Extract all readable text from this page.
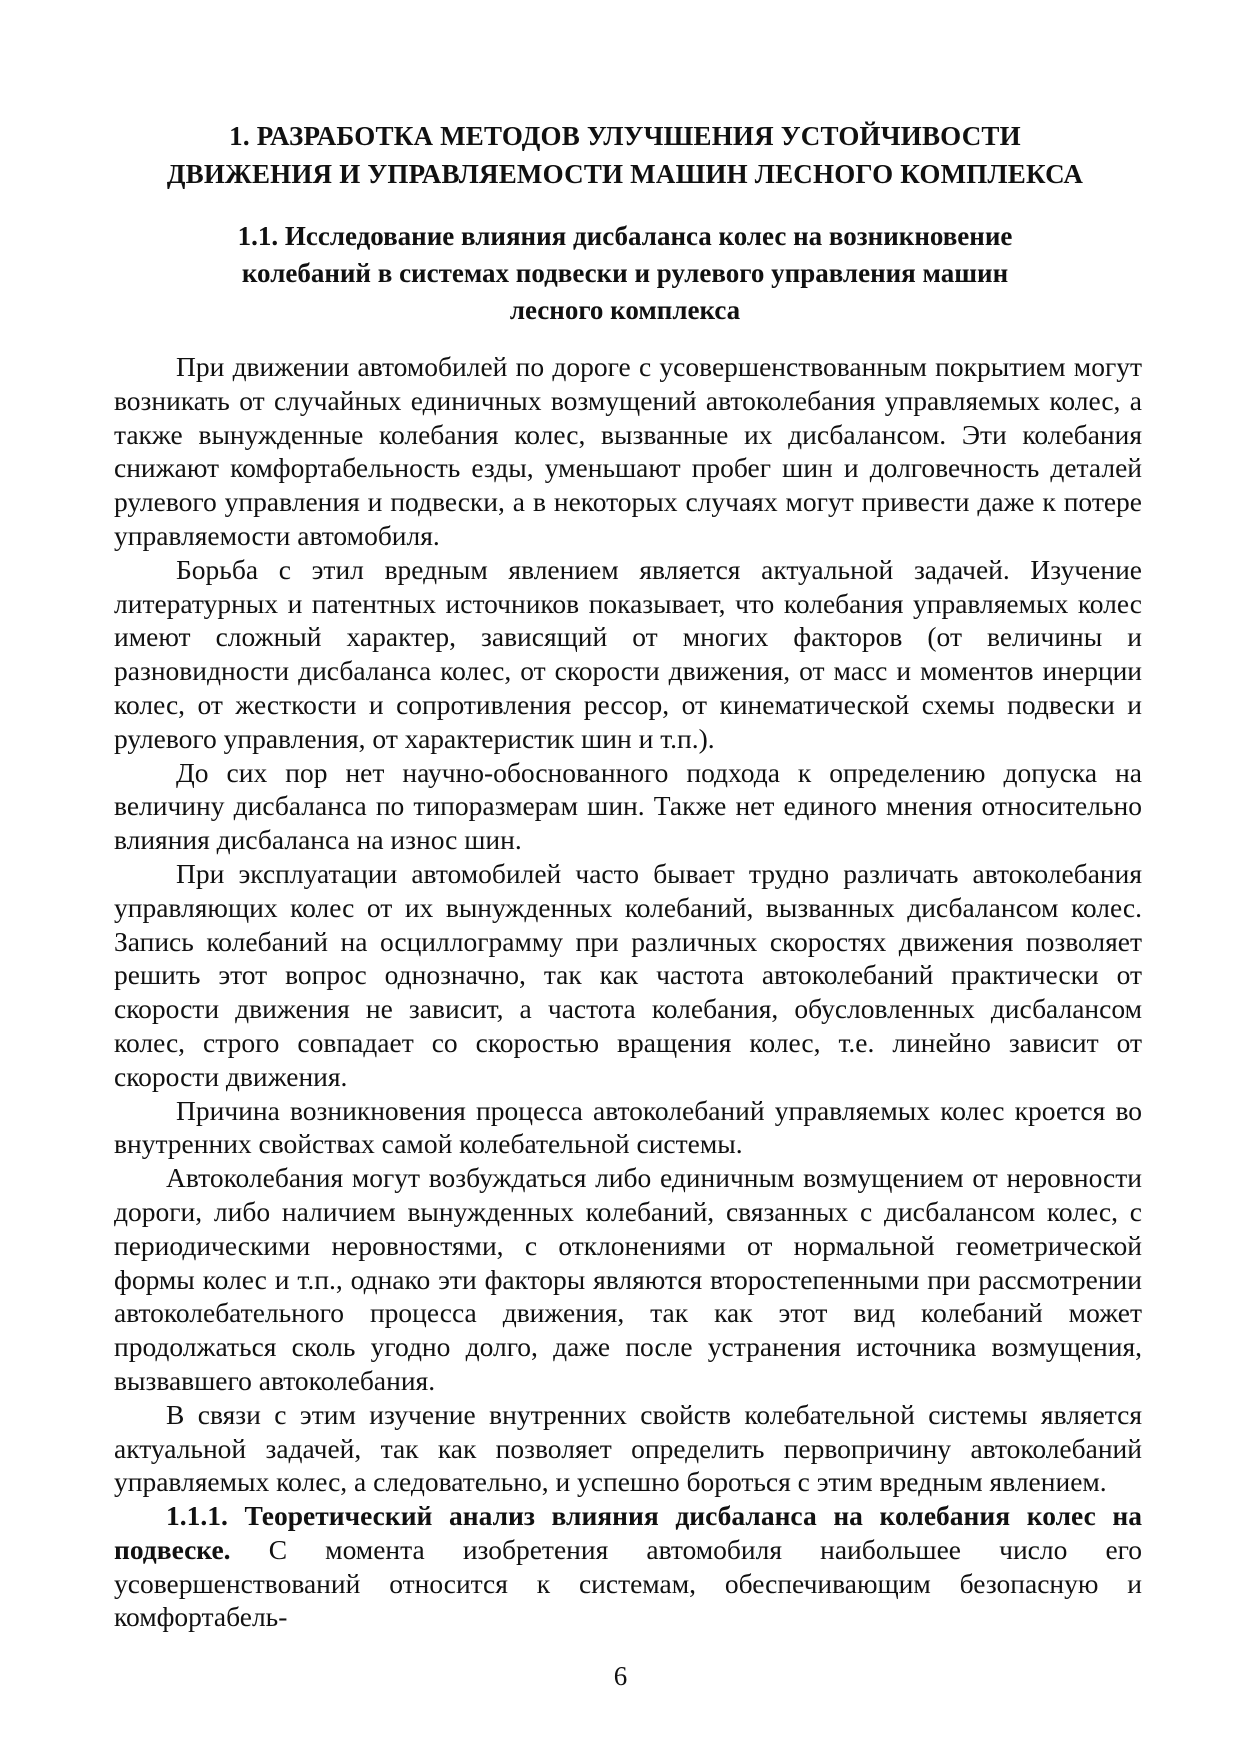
1. РАЗРАБОТКА МЕТОДОВ УЛУЧШЕНИЯ УСТОЙЧИВОСТИ
ДВИЖЕНИЯ И УПРАВЛЯЕМОСТИ МАШИН ЛЕСНОГО КОМПЛЕКСА
1.1. Исследование влияния дисбаланса колес на возникновение
колебаний в системах подвески и рулевого управления машин
лесного комплекса

При движении автомобилей по дороге с усовершенствованным покрытием могут возникать от случайных единичных возмущений автоколебания управляемых колес, а также вынужденные колебания колес, вызванные их дисбалансом. Эти колебания снижают комфортабельность езды, уменьшают пробег шин и долговечность деталей рулевого управления и подвески, а в некоторых случаях могут привести даже к потере управляемости автомобиля.

Борьба с этил вредным явлением является актуальной задачей. Изучение литературных и патентных источников показывает, что колебания управляемых колес имеют сложный характер, зависящий от многих факторов (от величины и разновидности дисбаланса колес, от скорости движения, от масс и моментов инерции колес, от жесткости и сопротивления рессор, от кинематической схемы подвески и рулевого управления, от характеристик шин и т.п.).

До сих пор нет научно-обоснованного подхода к определению допуска на величину дисбаланса по типоразмерам шин. Также нет единого мнения относительно влияния дисбаланса на износ шин.

При эксплуатации автомобилей часто бывает трудно различать автоколебания управляющих колес от их вынужденных колебаний, вызванных дисбалансом колес. Запись колебаний на осциллограмму при различных скоростях движения позволяет решить этот вопрос однозначно, так как частота автоколебаний практически от скорости движения не зависит, а частота колебания, обусловленных дисбалансом колес, строго совпадает со скоростью вращения колес, т.е. линейно зависит от скорости движения.

Причина возникновения процесса автоколебаний управляемых колес кроется во внутренних свойствах самой колебательной системы.

Автоколебания могут возбуждаться либо единичным возмущением от неровности дороги, либо наличием вынужденных колебаний, связанных с дисбалансом колес, с периодическими неровностями, с отклонениями от нормальной геометрической формы колес и т.п., однако эти факторы являются второстепенными при рассмотрении автоколебательного процесса движения, так как этот вид колебаний может продолжаться сколь угодно долго, даже после устранения источника возмущения, вызвавшего автоколебания.

В связи с этим изучение внутренних свойств колебательной системы является актуальной задачей, так как позволяет определить первопричину автоколебаний управляемых колес, а следовательно, и успешно бороться с этим вредным явлением.

1.1.1. Теоретический анализ влияния дисбаланса на колебания колес на подвеске. С момента изобретения автомобиля наибольшее число его усовершенствований относится к системам, обеспечивающим безопасную и комфортабель-

6
